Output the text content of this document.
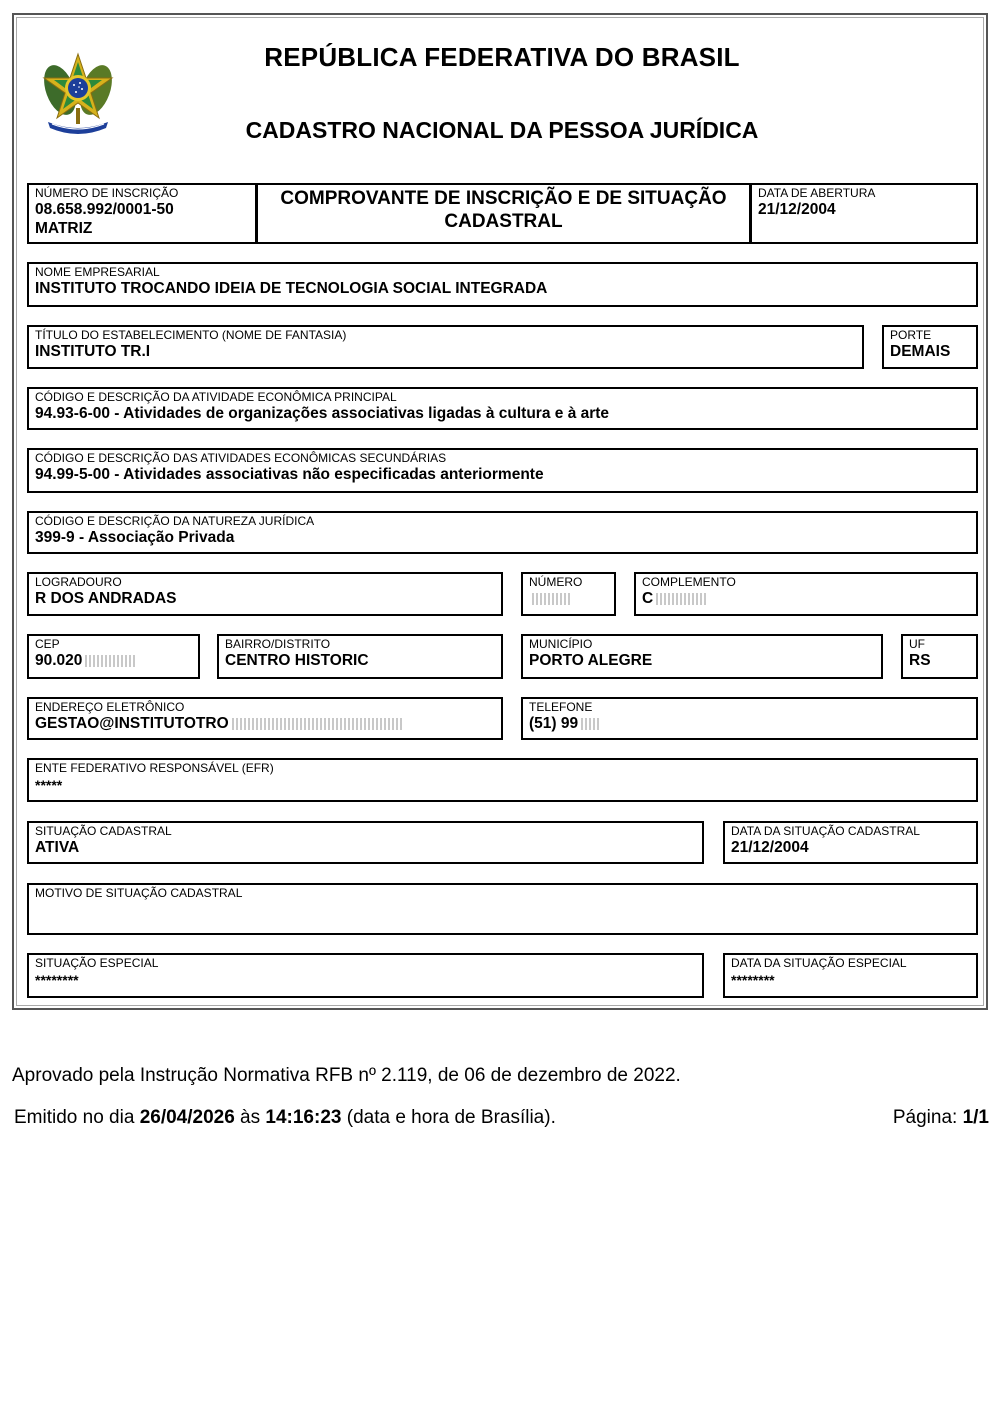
REPÚBLICA FEDERATIVA DO BRASIL
CADASTRO NACIONAL DA PESSOA JURÍDICA
NÚMERO DE INSCRIÇÃO
08.658.992/0001-50
MATRIZ
COMPROVANTE DE INSCRIÇÃO E DE SITUAÇÃO
CADASTRAL
DATA DE ABERTURA
21/12/2004
NOME EMPRESARIAL
INSTITUTO TROCANDO IDEIA DE TECNOLOGIA SOCIAL INTEGRADA
TÍTULO DO ESTABELECIMENTO (NOME DE FANTASIA)
INSTITUTO TR.I
PORTE
DEMAIS
CÓDIGO E DESCRIÇÃO DA ATIVIDADE ECONÔMICA PRINCIPAL
94.93-6-00 - Atividades de organizações associativas ligadas à cultura e à arte
CÓDIGO E DESCRIÇÃO DAS ATIVIDADES ECONÔMICAS SECUNDÁRIAS
94.99-5-00 - Atividades associativas não especificadas anteriormente
CÓDIGO E DESCRIÇÃO DA NATUREZA JURÍDICA
399-9 - Associação Privada
LOGRADOURO
R DOS ANDRADAS
NÚMERO	COMPLEMENTO
C
CEP
90.020
BAIRRO/DISTRITO
CENTRO HISTORIC
MUNICÍPIO
PORTO ALEGRE
UF
RS
ENDEREÇO ELETRÔNICO
GESTAO@INSTITUTOTRO
TELEFONE
(51) 99
ENTE FEDERATIVO RESPONSÁVEL (EFR)
*****
SITUAÇÃO CADASTRAL
ATIVA
DATA DA SITUAÇÃO CADASTRAL
21/12/2004
MOTIVO DE SITUAÇÃO CADASTRAL
SITUAÇÃO ESPECIAL
********
DATA DA SITUAÇÃO ESPECIAL
********
Aprovado pela Instrução Normativa RFB nº 2.119, de 06 de dezembro de 2022.
Emitido no dia 26/04/2026 às 14:16:23 (data e hora de Brasília).	Página: 1/1
